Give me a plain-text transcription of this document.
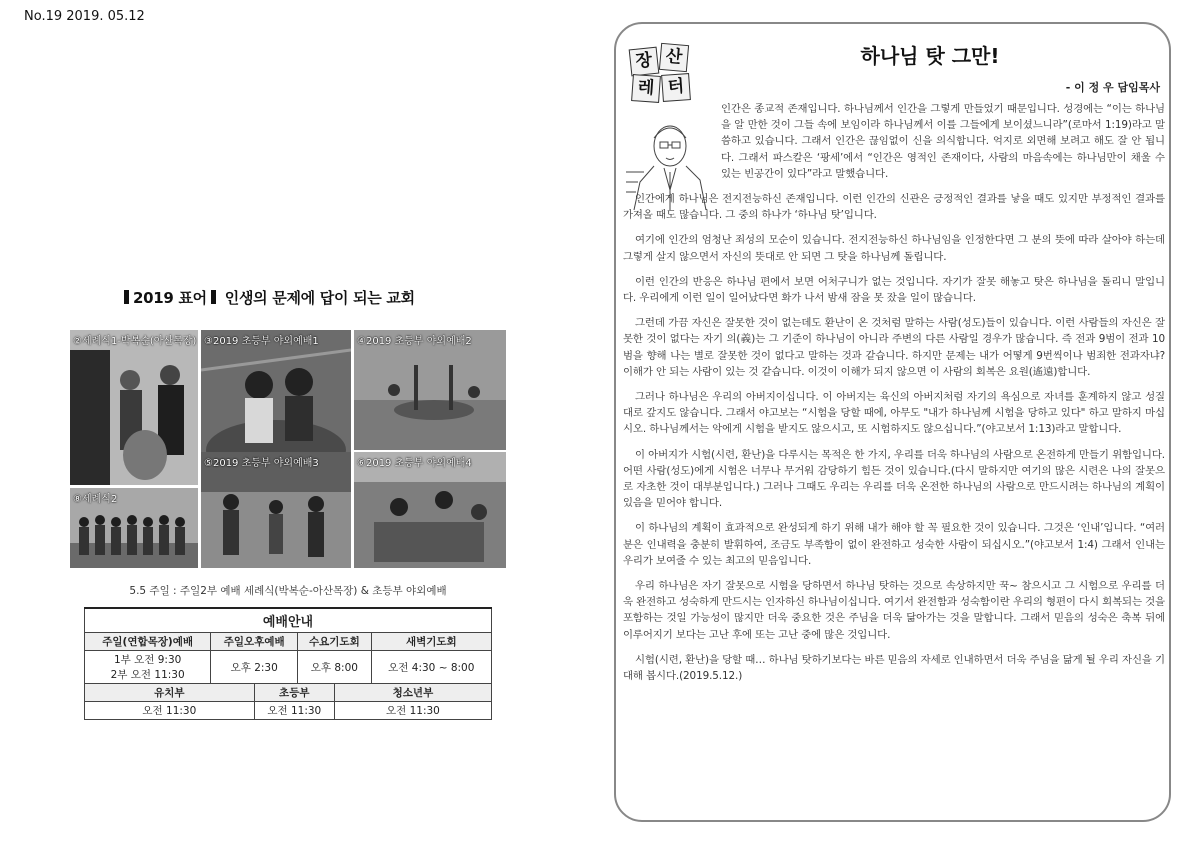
No.19 2019. 05.12
2019 표어 인생의 문제에 답이 되는 교회
②세례식1-박복순(아산목장) ③2019 초등부 야외예배1	④2019 초등부 야외예배2
⑤2019 초등부 야외예배3	⑥2019 초등부 야외예배4
⑧세례식2
5.5 주일 : 주일2부 예배 세례식(박복순-아산목장) & 초등부 야외예배
예배안내					
주일(연합목장)예배	주일오후예배		수요기도회		새벽기도회

1부 오전 9:30
2부 오전 11:30	오후 2:30		오후 8:00		오전 4:30 ~ 8:00
유치부		초등부		청소년부	
오전 11:30		오전 11:30		오전 11:30	
장 산
레 터
하나님 탓 그만!
- 이 정 우 담임목사

인간은 종교적 존재입니다. 하나님께서 인간을 그렇게 만들었기 때문입니다. 성경에는 “이는 하나님을 알 만한 것이 그들 속에 보임이라 하나님께서 이를 그들에게 보이셨느니라”(로마서 1:19)라고 말씀하고 있습니다. 그래서 인간은 끊임없이 신을 의식합니다. 억지로 외면해 보려고 해도 잘 안 됩니다. 그래서 파스칼은 ‘팡세’에서 “인간은 영적인 존재이다, 사람의 마음속에는 하나님만이 채울 수 있는 빈공간이 있다”라고 말했습니다.

인간에게 하나님은 전지전능하신 존재입니다. 이런 인간의 신관은 긍정적인 결과를 낳을 때도 있지만 부정적인 결과를 가져올 때도 많습니다. 그 중의 하나가 ‘하나님 탓’입니다.

여기에 인간의 엄청난 죄성의 모순이 있습니다. 전지전능하신 하나님임을 인정한다면 그 분의 뜻에 따라 살아야 하는데 그렇게 살지 않으면서 자신의 뜻대로 안 되면 그 탓을 하나님께 돌립니다.

이런 인간의 반응은 하나님 편에서 보면 어처구니가 없는 것입니다. 자기가 잘못 해놓고 탓은 하나님을 돌리니 말입니다. 우리에게 이런 일이 일어났다면 화가 나서 밤새 잠을 못 잤을 일이 많습니다.

그런데 가끔 자신은 잘못한 것이 없는데도 환난이 온 것처럼 말하는 사람(성도)들이 있습니다. 이런 사람들의 자신은 잘못한 것이 없다는 자기 의(義)는 그 기준이 하나님이 아니라 주변의 다른 사람일 경우가 많습니다. 즉 전과 9범이 전과 10범을 향해 나는 별로 잘못한 것이 없다고 말하는 것과 같습니다. 하지만 문제는 내가 어떻게 9번씩이나 범죄한 전과자냐? 이해가 안 되는 사람이 있는 것 같습니다. 이것이 이해가 되지 않으면 이 사람의 회복은 요원(遙遠)합니다.

그러나 하나님은 우리의 아버지이십니다. 이 아버지는 육신의 아버지처럼 자기의 욕심으로 자녀를 훈계하지 않고 성질대로 갚지도 않습니다. 그래서 야고보는 “시험을 당할 때에, 아무도 "내가 하나님께 시험을 당하고 있다" 하고 말하지 마십시오. 하나님께서는 악에게 시험을 받지도 않으시고, 또 시험하지도 않으십니다.”(야고보서 1:13)라고 말합니다.

이 아버지가 시험(시련, 환난)을 다루시는 목적은 한 가지, 우리를 더욱 하나님의 사람으로 온전하게 만들기 위함입니다. 어떤 사람(성도)에게 시험은 너무나 무거워 감당하기 힘든 것이 있습니다.(다시 말하지만 여기의 많은 시련은 나의 잘못으로 자초한 것이 대부분입니다.) 그러나 그때도 우리는 우리를 더욱 온전한 하나님의 사람으로 만드시려는 하나님의 계획이 있음을 믿어야 합니다.

이 하나님의 계획이 효과적으로 완성되게 하기 위해 내가 해야 할 꼭 필요한 것이 있습니다. 그것은 ‘인내’입니다. “여러분은 인내력을 충분히 발휘하여, 조금도 부족함이 없이 완전하고 성숙한 사람이 되십시오.”(야고보서 1:4) 그래서 인내는 우리가 보여줄 수 있는 최고의 믿음입니다.

우리 하나님은 자기 잘못으로 시험을 당하면서 하나님 탓하는 것으로 속상하지만 꾹~ 참으시고 그 시험으로 우리를 더욱 완전하고 성숙하게 만드시는 인자하신 하나님이십니다. 여기서 완전함과 성숙함이란 우리의 형편이 다시 회복되는 것을 포함하는 것일 가능성이 많지만 더욱 중요한 것은 주님을 더욱 닮아가는 것을 말합니다. 그래서 믿음의 성숙은 축복 뒤에 이루어지기 보다는 고난 후에 또는 고난 중에 많은 것입니다.

시험(시련, 환난)을 당할 때… 하나님 탓하기보다는 바른 믿음의 자세로 인내하면서 더욱 주님을 닮게 될 우리 자신을 기대해 봅시다.(2019.5.12.)
